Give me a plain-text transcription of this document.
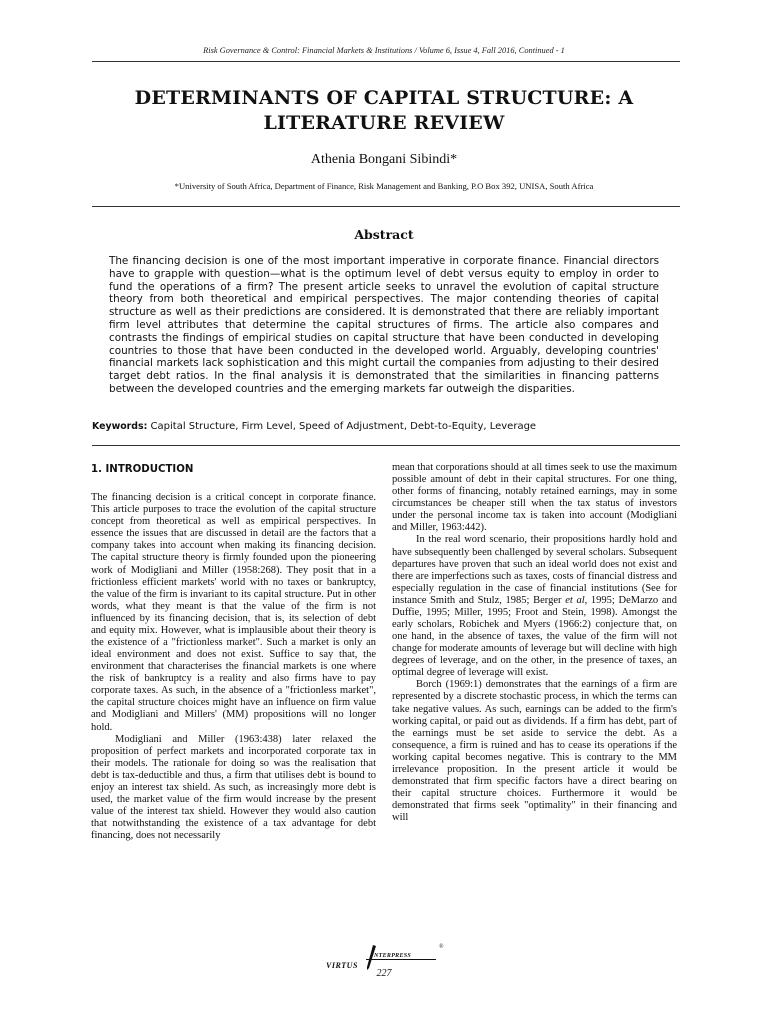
Risk Governance & Control: Financial Markets & Institutions / Volume 6, Issue 4, Fall 2016, Continued - 1
DETERMINANTS OF CAPITAL STRUCTURE: A LITERATURE REVIEW
Athenia Bongani Sibindi*
*University of South Africa, Department of Finance, Risk Management and Banking, P.O Box 392, UNISA, South Africa
Abstract
The financing decision is one of the most important imperative in corporate finance. Financial directors have to grapple with question—what is the optimum level of debt versus equity to employ in order to fund the operations of a firm? The present article seeks to unravel the evolution of capital structure theory from both theoretical and empirical perspectives. The major contending theories of capital structure as well as their predictions are considered. It is demonstrated that there are reliably important firm level attributes that determine the capital structures of firms. The article also compares and contrasts the findings of empirical studies on capital structure that have been conducted in developing countries to those that have been conducted in the developed world. Arguably, developing countries' financial markets lack sophistication and this might curtail the companies from adjusting to their desired target debt ratios. In the final analysis it is demonstrated that the similarities in financing patterns between the developed countries and the emerging markets far outweigh the disparities.
Keywords: Capital Structure, Firm Level, Speed of Adjustment, Debt-to-Equity, Leverage
1. INTRODUCTION

The financing decision is a critical concept in corporate finance. This article purposes to trace the evolution of the capital structure concept from theoretical as well as empirical perspectives. In essence the issues that are discussed in detail are the factors that a company takes into account when making its financing decision. The capital structure theory is firmly founded upon the pioneering work of Modigliani and Miller (1958:268). They posit that in a frictionless efficient markets' world with no taxes or bankruptcy, the value of the firm is invariant to its capital structure. Put in other words, what they meant is that the value of the firm is not influenced by its financing decision, that is, its selection of debt and equity mix. However, what is implausible about their theory is the existence of a "frictionless market". Such a market is only an ideal environment and does not exist. Suffice to say that, the environment that characterises the financial markets is one where the risk of bankruptcy is a reality and also firms have to pay corporate taxes. As such, in the absence of a "frictionless market", the capital structure choices might have an influence on firm value and Modigliani and Millers' (MM) propositions will no longer hold.

Modigliani and Miller (1963:438) later relaxed the proposition of perfect markets and incorporated corporate tax in their models. The rationale for doing so was the realisation that debt is tax-deductible and thus, a firm that utilises debt is bound to enjoy an interest tax shield. As such, as increasingly more debt is used, the market value of the firm would increase by the present value of the interest tax shield. However they would also caution that notwithstanding the existence of a tax advantage for debt financing, does not necessarily

mean that corporations should at all times seek to use the maximum possible amount of debt in their capital structures. For one thing, other forms of financing, notably retained earnings, may in some circumstances be cheaper still when the tax status of investors under the personal income tax is taken into account (Modigliani and Miller, 1963:442).

In the real word scenario, their propositions hardly hold and have subsequently been challenged by several scholars. Subsequent departures have proven that such an ideal world does not exist and there are imperfections such as taxes, costs of financial distress and especially regulation in the case of financial institutions (See for instance Smith and Stulz, 1985; Berger et al, 1995; DeMarzo and Duffie, 1995; Miller, 1995; Froot and Stein, 1998). Amongst the early scholars, Robichek and Myers (1966:2) conjecture that, on one hand, in the absence of taxes, the value of the firm will not change for moderate amounts of leverage but will decline with high degrees of leverage, and on the other, in the presence of taxes, an optimal degree of leverage will exist.

Borch (1969:1) demonstrates that the earnings of a firm are represented by a discrete stochastic process, in which the terms can take negative values. As such, earnings can be added to the firm's working capital, or paid out as dividends. If a firm has debt, part of the earnings must be set aside to service the debt. As a consequence, a firm is ruined and has to cease its operations if the working capital becomes negative. This is contrary to the MM irrelevance proposition. In the present article it would be demonstrated that firm specific factors have a direct bearing on their capital structure choices. Furthermore it would be demonstrated that firms seek "optimality" in their financing and will

VIRTUS
NTERPRESS
®
227
